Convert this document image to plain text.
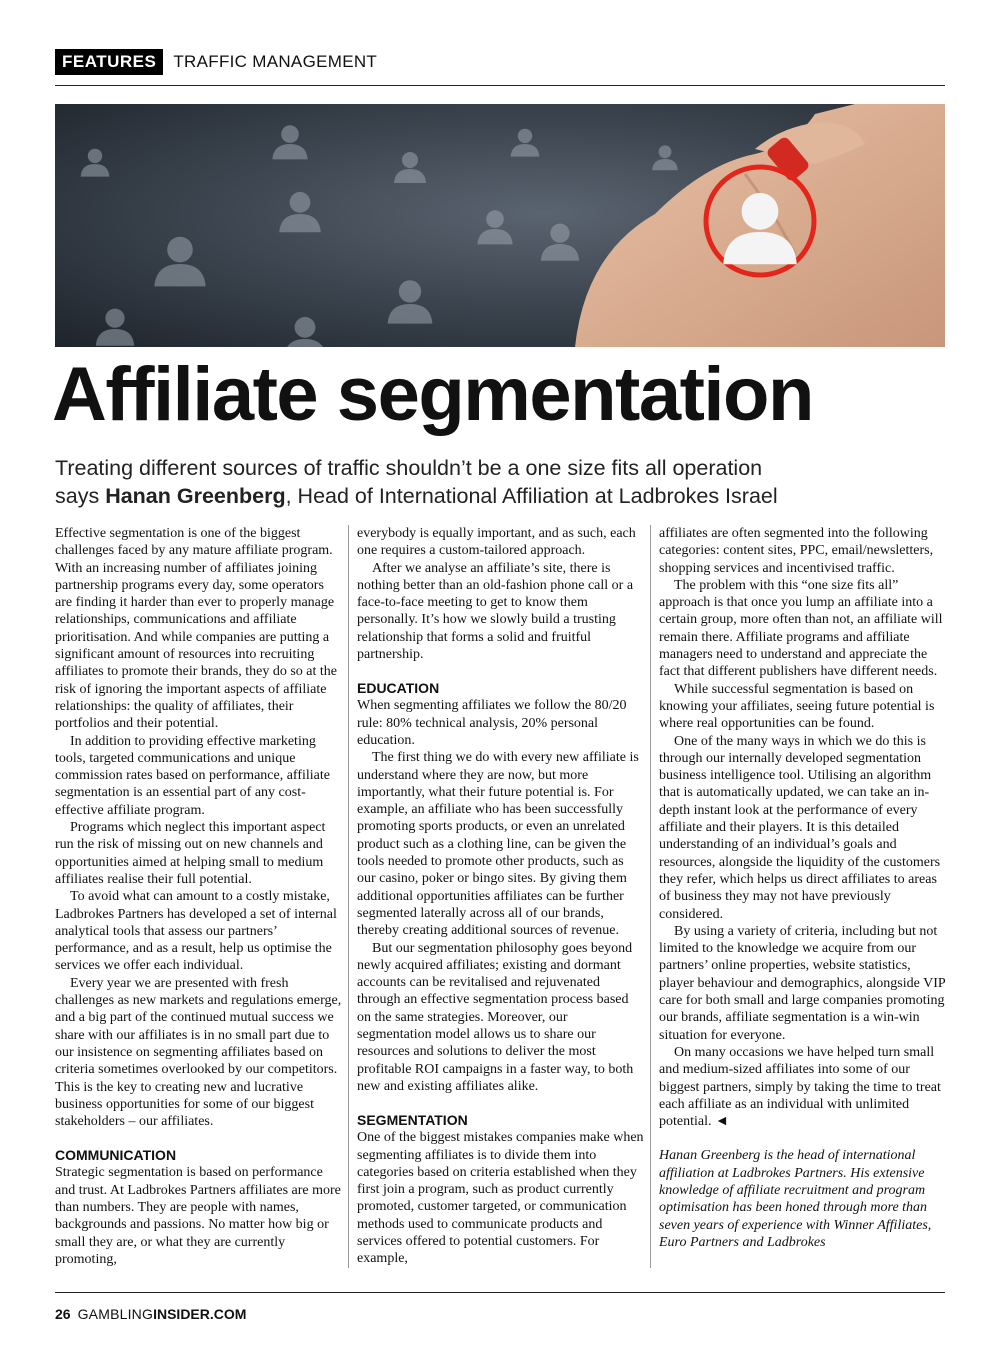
FEATURES	TRAFFIC MANAGEMENT
Affiliate segmentation

Treating different sources of traffic shouldn’t be a one size fits all operation
says Hanan Greenberg, Head of International Affiliation at Ladbrokes Israel

Effective segmentation is one of the biggest challenges faced by any mature affiliate program. With an increasing number of affiliates joining partnership programs every day, some operators are finding it harder than ever to properly manage relationships, communications and affiliate prioritisation. And while companies are putting a significant amount of resources into recruiting affiliates to promote their brands, they do so at the risk of ignoring the important aspects of affiliate relationships: the quality of affiliates, their portfolios and their potential.

In addition to providing effective marketing tools, targeted communications and unique commission rates based on performance, affiliate segmentation is an essential part of any cost-effective affiliate program.

Programs which neglect this important aspect run the risk of missing out on new channels and opportunities aimed at helping small to medium affiliates realise their full potential.

To avoid what can amount to a costly mistake, Ladbrokes Partners has developed a set of internal analytical tools that assess our partners’ performance, and as a result, help us optimise the services we offer each individual.

Every year we are presented with fresh challenges as new markets and regulations emerge, and a big part of the continued mutual success we share with our affiliates is in no small part due to our insistence on segmenting affiliates based on criteria sometimes overlooked by our competitors. This is the key to creating new and lucrative business opportunities for some of our biggest stakeholders – our affiliates.

COMMUNICATION

Strategic segmentation is based on performance and trust. At Ladbrokes Partners affiliates are more than numbers. They are people with names, backgrounds and passions. No matter how big or small they are, or what they are currently promoting,

everybody is equally important, and as such, each one requires a custom-tailored approach.

After we analyse an affiliate’s site, there is nothing better than an old-fashion phone call or a face-to-face meeting to get to know them personally. It’s how we slowly build a trusting relationship that forms a solid and fruitful partnership.

EDUCATION

When segmenting affiliates we follow the 80/20 rule: 80% technical analysis, 20% personal education.

The first thing we do with every new affiliate is understand where they are now, but more importantly, what their future potential is. For example, an affiliate who has been successfully promoting sports products, or even an unrelated product such as a clothing line, can be given the tools needed to promote other products, such as our casino, poker or bingo sites. By giving them additional opportunities affiliates can be further segmented laterally across all of our brands, thereby creating additional sources of revenue.

But our segmentation philosophy goes beyond newly acquired affiliates; existing and dormant accounts can be revitalised and rejuvenated through an effective segmentation process based on the same strategies. Moreover, our segmentation model allows us to share our resources and solutions to deliver the most profitable ROI campaigns in a faster way, to both new and existing affiliates alike.

SEGMENTATION

One of the biggest mistakes companies make when segmenting affiliates is to divide them into categories based on criteria established when they first join a program, such as product currently promoted, customer targeted, or communication methods used to communicate products and services offered to potential customers. For example,

affiliates are often segmented into the following categories: content sites, PPC, email/newsletters, shopping services and incentivised traffic.

The problem with this “one size fits all” approach is that once you lump an affiliate into a certain group, more often than not, an affiliate will remain there. Affiliate programs and affiliate managers need to understand and appreciate the fact that different publishers have different needs.

While successful segmentation is based on knowing your affiliates, seeing future potential is where real opportunities can be found.

One of the many ways in which we do this is through our internally developed segmentation business intelligence tool. Utilising an algorithm that is automatically updated, we can take an in-depth instant look at the performance of every affiliate and their players. It is this detailed understanding of an individual’s goals and resources, alongside the liquidity of the customers they refer, which helps us direct affiliates to areas of business they may not have previously considered.

By using a variety of criteria, including but not limited to the knowledge we acquire from our partners’ online properties, website statistics, player behaviour and demographics, alongside VIP care for both small and large companies promoting our brands, affiliate segmentation is a win-win situation for everyone.

On many occasions we have helped turn small and medium-sized affiliates into some of our biggest partners, simply by taking the time to treat each affiliate as an individual with unlimited potential. ◄

Hanan Greenberg is the head of international affiliation at Ladbrokes Partners. His extensive knowledge of affiliate recruitment and program optimisation has been honed through more than seven years of experience with Winner Affiliates, Euro Partners and Ladbrokes

26 GAMBLINGINSIDER.COM
